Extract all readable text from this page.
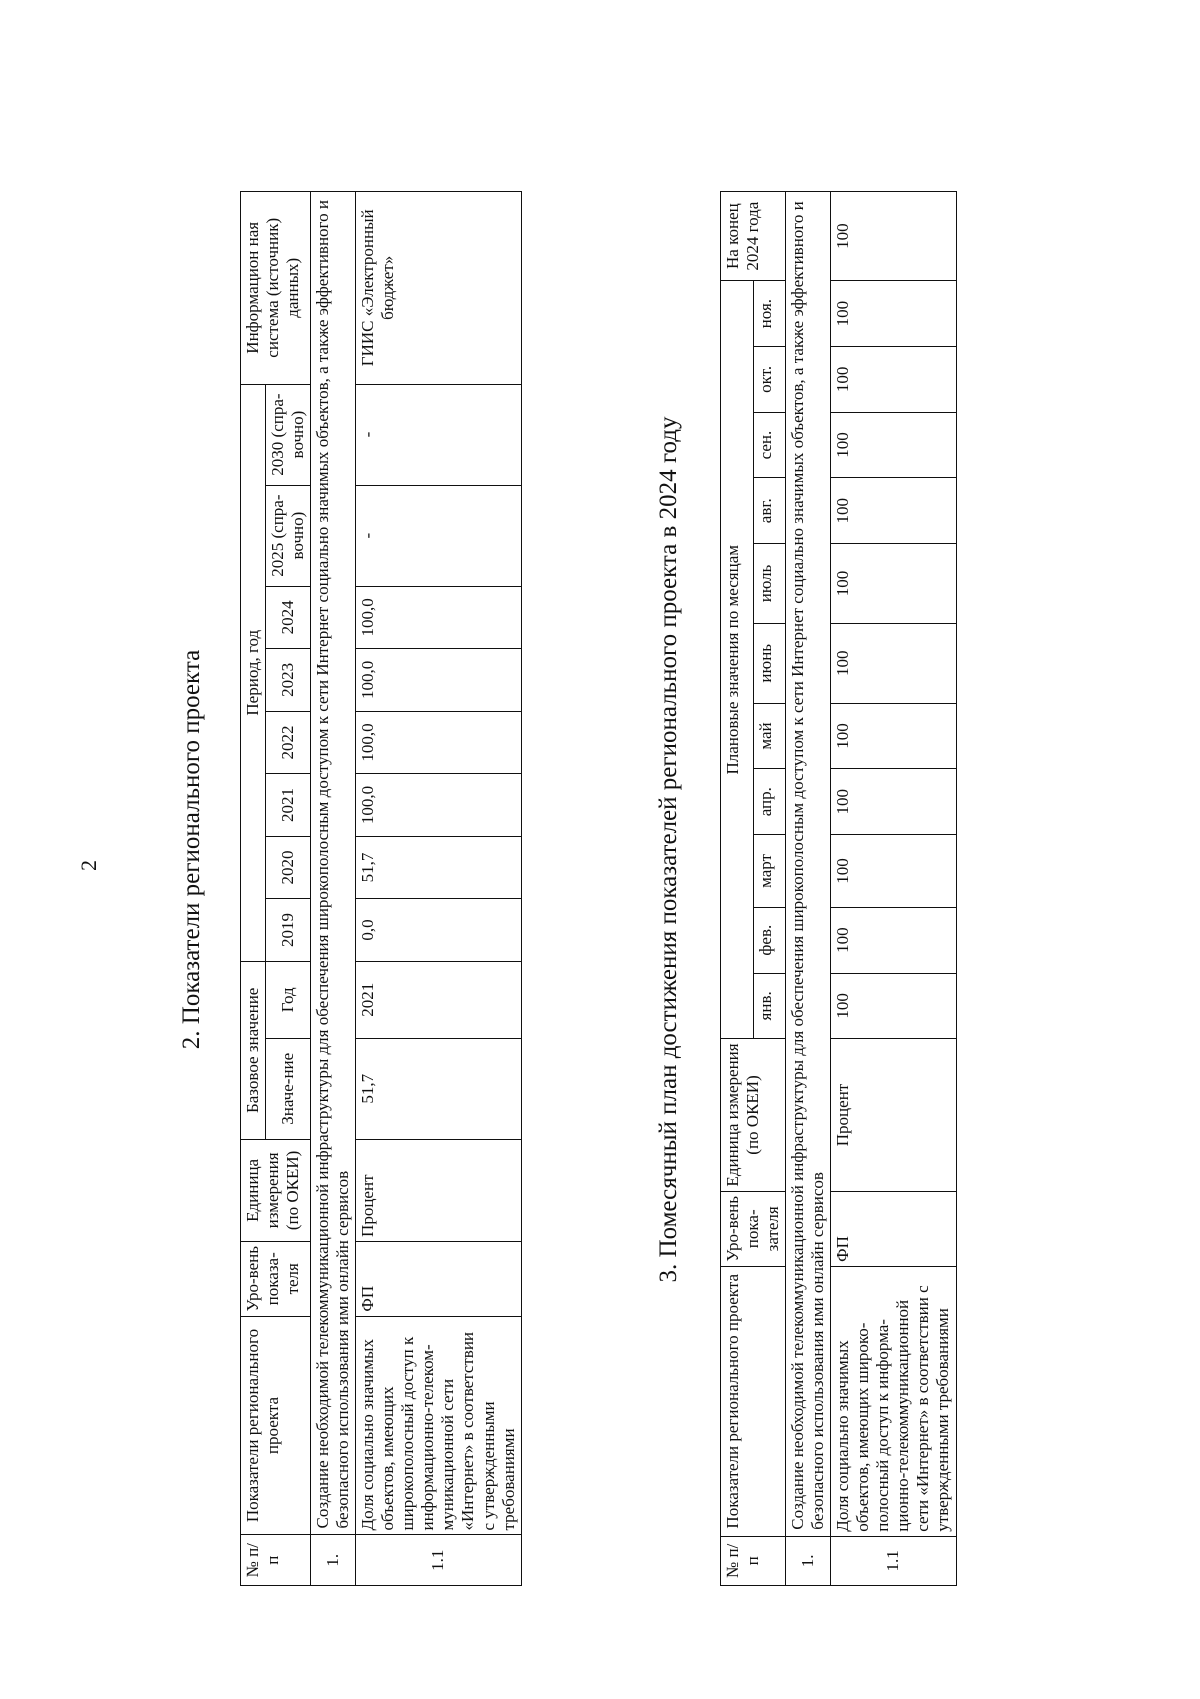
2	2. Показатели регионального проекта
№ п/п	Показатели регионального проекта	Уро-вень показа-теля	Единица измерения (по ОКЕИ)	Базовое значение		Период, год								Информацион ная система (источник) данных)
				Значе-ние	Год	2019	2020	2021	2022	2023	2024	2025 (спра-вочно)	2030 (спра-вочно)	
1.	Создание необходимой телекоммуникационной инфраструктуры для обеспечения широкополосным доступом к сети Интернет социально значимых объектов, а также эффективного и безопасного использования ими онлайн сервисов													
1.1	Доля социально значимых объектов, имеющих широкополосный доступ к информационно-телеком-муникационной сети «Интернет» в соответствии с утвержденными требованиями	ФП	Процент	51,7	2021	0,0	51,7	100,0	100,0	100,0	100,0	-	-	ГИИС «Электронный бюджет»
3. Помесячный план достижения показателей регионального проекта в 2024 году
№ п/п	Показатели регионального проекта	Уро-вень пока-зателя	Единица измерения (по ОКЕИ)	Плановые значения по месяцам											На конец 2024 года
				янв.	фев.	март	апр.	май	июнь	июль	авг.	сен.	окт.	ноя.	
1.	Создание необходимой телекоммуникационной инфраструктуры для обеспечения широкополосным доступом к сети Интернет социально значимых объектов, а также эффективного и безопасного использования ими онлайн сервисов														
1.1	Доля социально значимых объектов, имеющих широко-полосный доступ к информа-ционно-телекоммуникационной сети «Интернет» в соответствии с утвержденными требованиями	ФП	Процент	100	100	100	100	100	100	100	100	100	100	100	100
